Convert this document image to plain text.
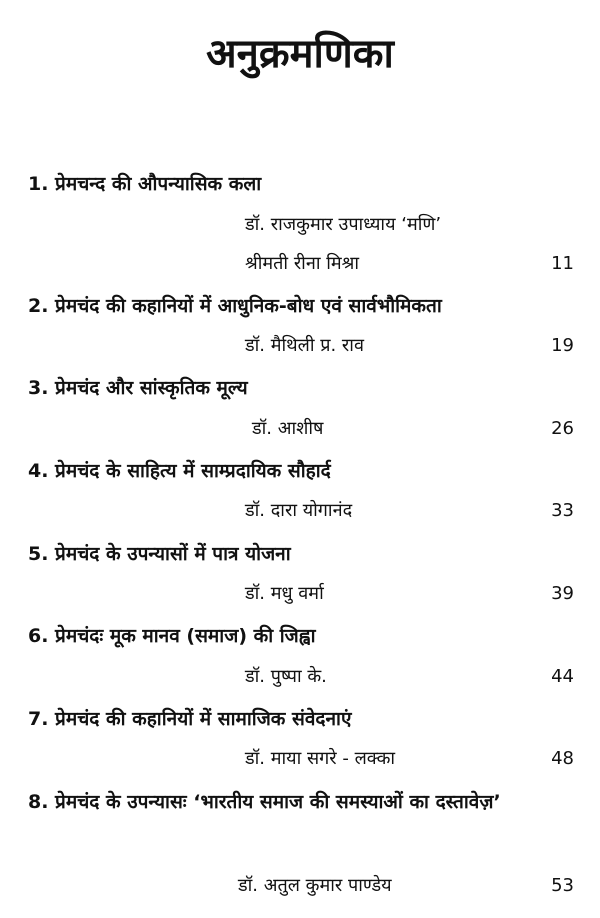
अनुक्रमणिका
1. प्रेमचन्द की औपन्यासिक कला
डॉ. राजकुमार उपाध्याय ‘मणि’
श्रीमती रीना मिश्रा	11
2. प्रेमचंद की कहानियों में आधुनिक-बोध एवं सार्वभौमिकता
डॉ. मैथिली प्र. राव	19
3. प्रेमचंद और सांस्कृतिक मूल्य
डॉ. आशीष	26
4. प्रेमचंद के साहित्य में साम्प्रदायिक सौहार्द
डॉ. दारा योगानंद	33
5. प्रेमचंद के उपन्यासों में पात्र योजना
डॉ. मधु वर्मा	39
6. प्रेमचंदः मूक मानव (समाज) की जिह्वा
डॉ. पुष्पा के.	44
7. प्रेमचंद की कहानियों में सामाजिक संवेदनाएं
डॉ. माया सगरे - लक्का	48
8. प्रेमचंद के उपन्यासः ‘भारतीय समाज की समस्याओं का दस्तावेज़’
डॉ. अतुल कुमार पाण्डेय	53
